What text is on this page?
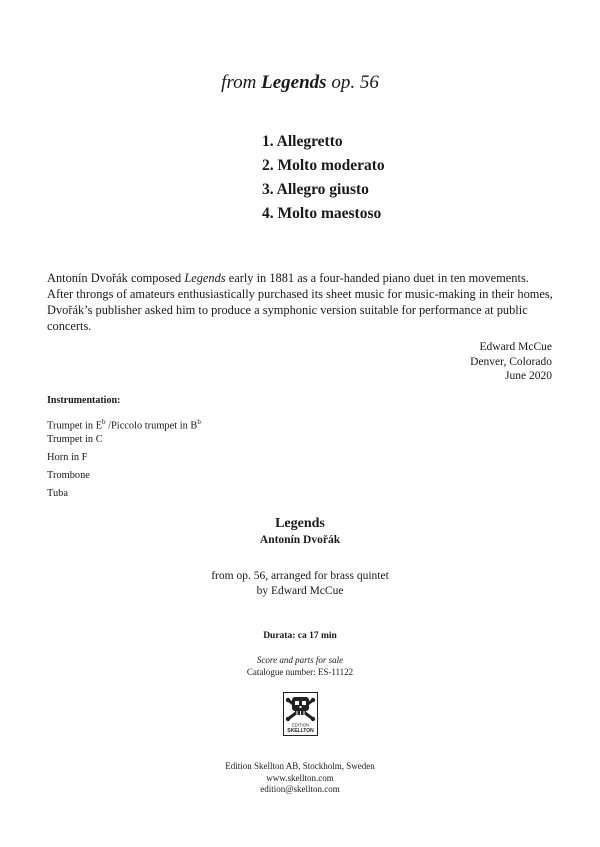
from Legends op. 56
1. Allegretto
2. Molto moderato
3. Allegro giusto
4. Molto maestoso
Antonín Dvořák composed Legends early in 1881 as a four-handed piano duet in ten movements. After throngs of amateurs enthusiastically purchased its sheet music for music-making in their homes, Dvořák’s publisher asked him to produce a symphonic version suitable for performance at public concerts.
Edward McCue
Denver, Colorado
June 2020
Instrumentation:
Trumpet in $E^b$ /Piccolo trumpet in $B^b$
Trumpet in C
Horn in F
Trombone
Tuba
Legends
Antonín Dvořák
from op. 56, arranged for brass quintet
by Edward McCue
Durata: ca 17 min
Score and parts for sale
Catalogue number: ES-11122
EDITION
SKELLTON
Edition Skellton AB, Stockholm, Sweden
www.skellton.com
edition@skellton.com
